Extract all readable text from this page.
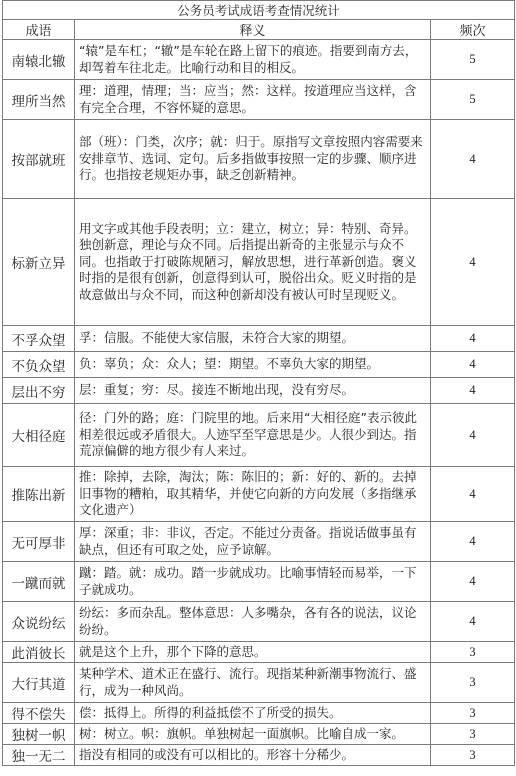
公务员考试成语考查情况统计		
成语	释义	频次
南辕北辙	“辕”是车杠；“辙”是车轮在路上留下的痕迹。指要到南方去，却驾着车往北走。比喻行动和目的相反。	5
理所当然	理：道理，情理；当：应当；然：这样。按道理应当这样，含有完全合理，不容怀疑的意思。	5
按部就班	部（班）：门类，次序；就：归于。原指写文章按照内容需要来安排章节、选词、定句。后多指做事按照一定的步骤、顺序进行。也指按老规矩办事，缺乏创新精神。	4
标新立异	用文字或其他手段表明；立：建立，树立；异：特别、奇异。独创新意，理论与众不同。后指提出新奇的主张显示与众不同。也指敢于打破陈规陋习，解放思想，进行革新创造。褒义时指的是很有创新，创意得到认可，脱俗出众。贬义时指的是故意做出与众不同，而这种创新却没有被认可时呈现贬义。	4
不孚众望	孚：信服。不能使大家信服，未符合大家的期望。	4
不负众望	负：辜负；众：众人；望：期望。不辜负大家的期望。	4
层出不穷	层：重复；穷：尽。接连不断地出现，没有穷尽。	4
大相径庭	径：门外的路；庭：门院里的地。后来用“大相径庭”表示彼此相差很远或矛盾很大。人迹罕至罕意思是少。人很少到达。指荒凉偏僻的地方很少有人来过。	4
推陈出新	推：除掉，去除，淘汰；陈：陈旧的；新：好的、新的。去掉旧事物的糟粕，取其精华，并使它向新的方向发展（多指继承文化遗产）	4
无可厚非	厚：深重；非：非议，否定。不能过分责备。指说话做事虽有缺点，但还有可取之处，应予谅解。	4
一蹴而就	蹴：踏。就：成功。踏一步就成功。比喻事情轻而易举，一下子就成功。	4
众说纷纭	纷纭：多而杂乱。整体意思：人多嘴杂，各有各的说法，议论纷纷。	4
此消彼长	就是这个上升，那个下降的意思。	3
大行其道	某种学术、道术正在盛行、流行。现指某种新潮事物流行、盛行，成为一种风尚。	3
得不偿失	偿：抵得上。所得的利益抵偿不了所受的损失。	3
独树一帜	树：树立。帜：旗帜。单独树起一面旗帜。比喻自成一家。	3
独一无二	指没有相同的或没有可以相比的。形容十分稀少。	3
